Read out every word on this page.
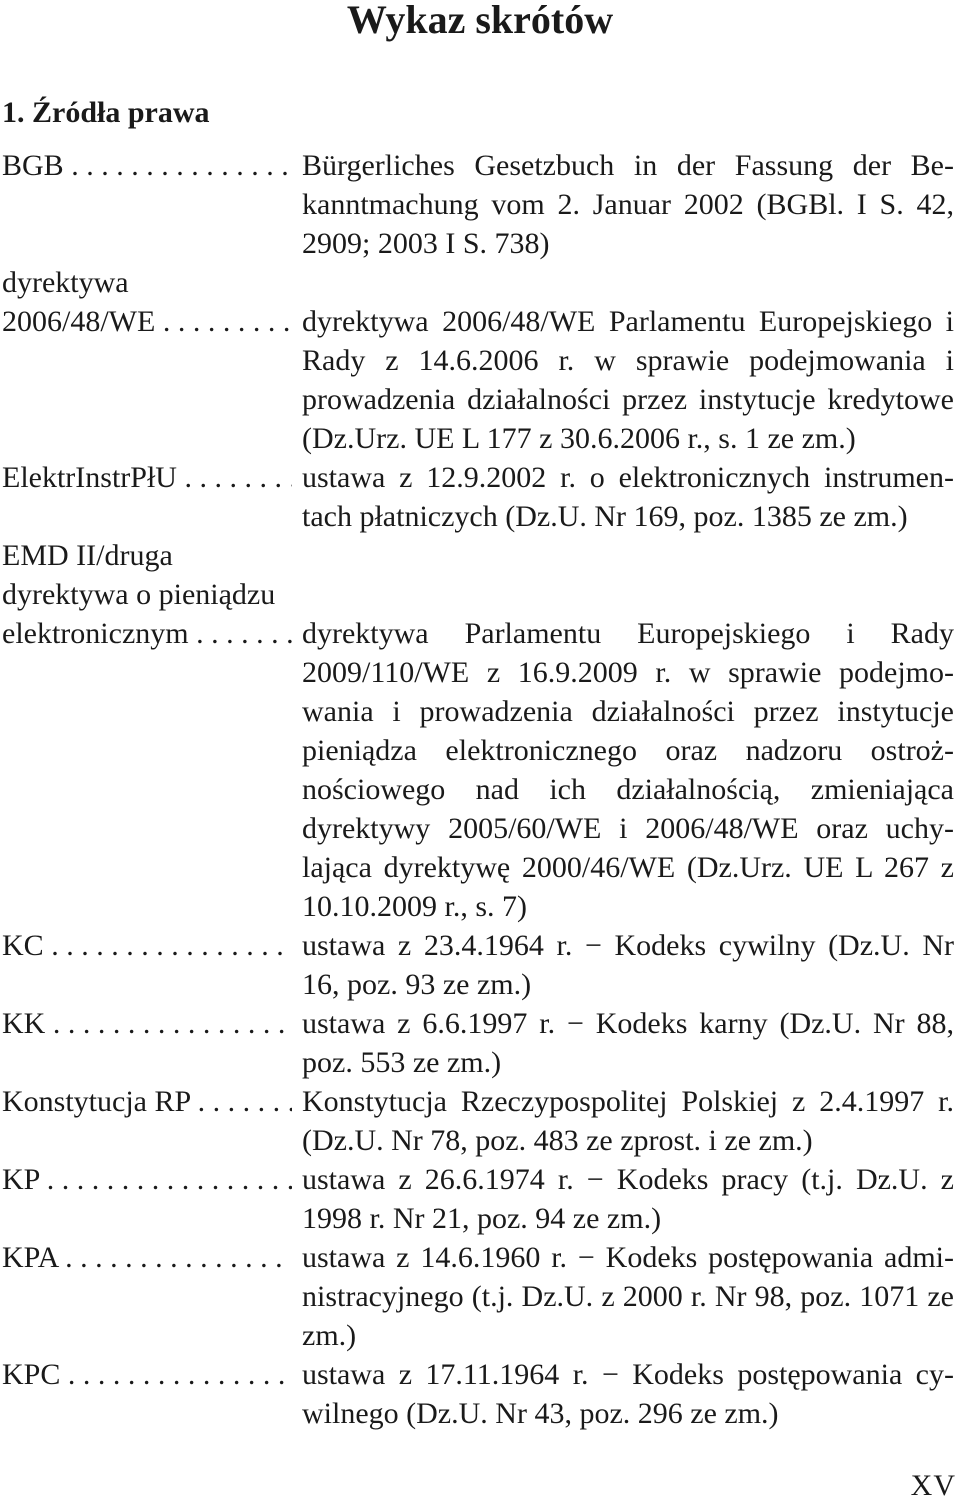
Wykaz skrótów
1. Źródła prawa
BGB . . .	Bürgerliches Gesetzbuch in der Fassung der Bekanntmachung vom 2. Januar 2002 (BGBl. I S. 42, 2909; 2003 I S. 738)
dyrektywa
2006/48/WE . . .	dyrektywa 2006/48/WE Parlamentu Europejskiego i Rady z 14.6.2006 r. w sprawie podejmowania i prowadzenia działalności przez instytucje kredytowe (Dz.Urz. UE L 177 z 30.6.2006 r., s. 1 ze zm.)
ElektrInstrPłU . . .	ustawa z 12.9.2002 r. o elektronicznych instrumentach płatniczych (Dz.U. Nr 169, poz. 1385 ze zm.)
EMD II/druga
dyrektywa o pieniądzu
elektronicznym . . .	dyrektywa Parlamentu Europejskiego i Rady 2009/110/WE z 16.9.2009 r. w sprawie podejmowania i prowadzenia działalności przez instytucje pieniądza elektronicznego oraz nadzoru ostrożnościowego nad ich działalnością, zmieniająca dyrektywy 2005/60/WE i 2006/48/WE oraz uchylająca dyrektywę 2000/46/WE (Dz.Urz. UE L 267 z 10.10.2009 r., s. 7)
KC . . .	ustawa z 23.4.1964 r. − Kodeks cywilny (Dz.U. Nr 16, poz. 93 ze zm.)
KK . . .	ustawa z 6.6.1997 r. − Kodeks karny (Dz.U. Nr 88, poz. 553 ze zm.)
Konstytucja RP . . .	Konstytucja Rzeczypospolitej Polskiej z 2.4.1997 r. (Dz.U. Nr 78, poz. 483 ze zprost. i ze zm.)
KP . . .	ustawa z 26.6.1974 r. − Kodeks pracy (t.j. Dz.U. z 1998 r. Nr 21, poz. 94 ze zm.)
KPA . . .	ustawa z 14.6.1960 r. − Kodeks postępowania administracyjnego (t.j. Dz.U. z 2000 r. Nr 98, poz. 1071 ze zm.)
KPC . . .	ustawa z 17.11.1964 r. − Kodeks postępowania cywilnego (Dz.U. Nr 43, poz. 296 ze zm.)
XV
